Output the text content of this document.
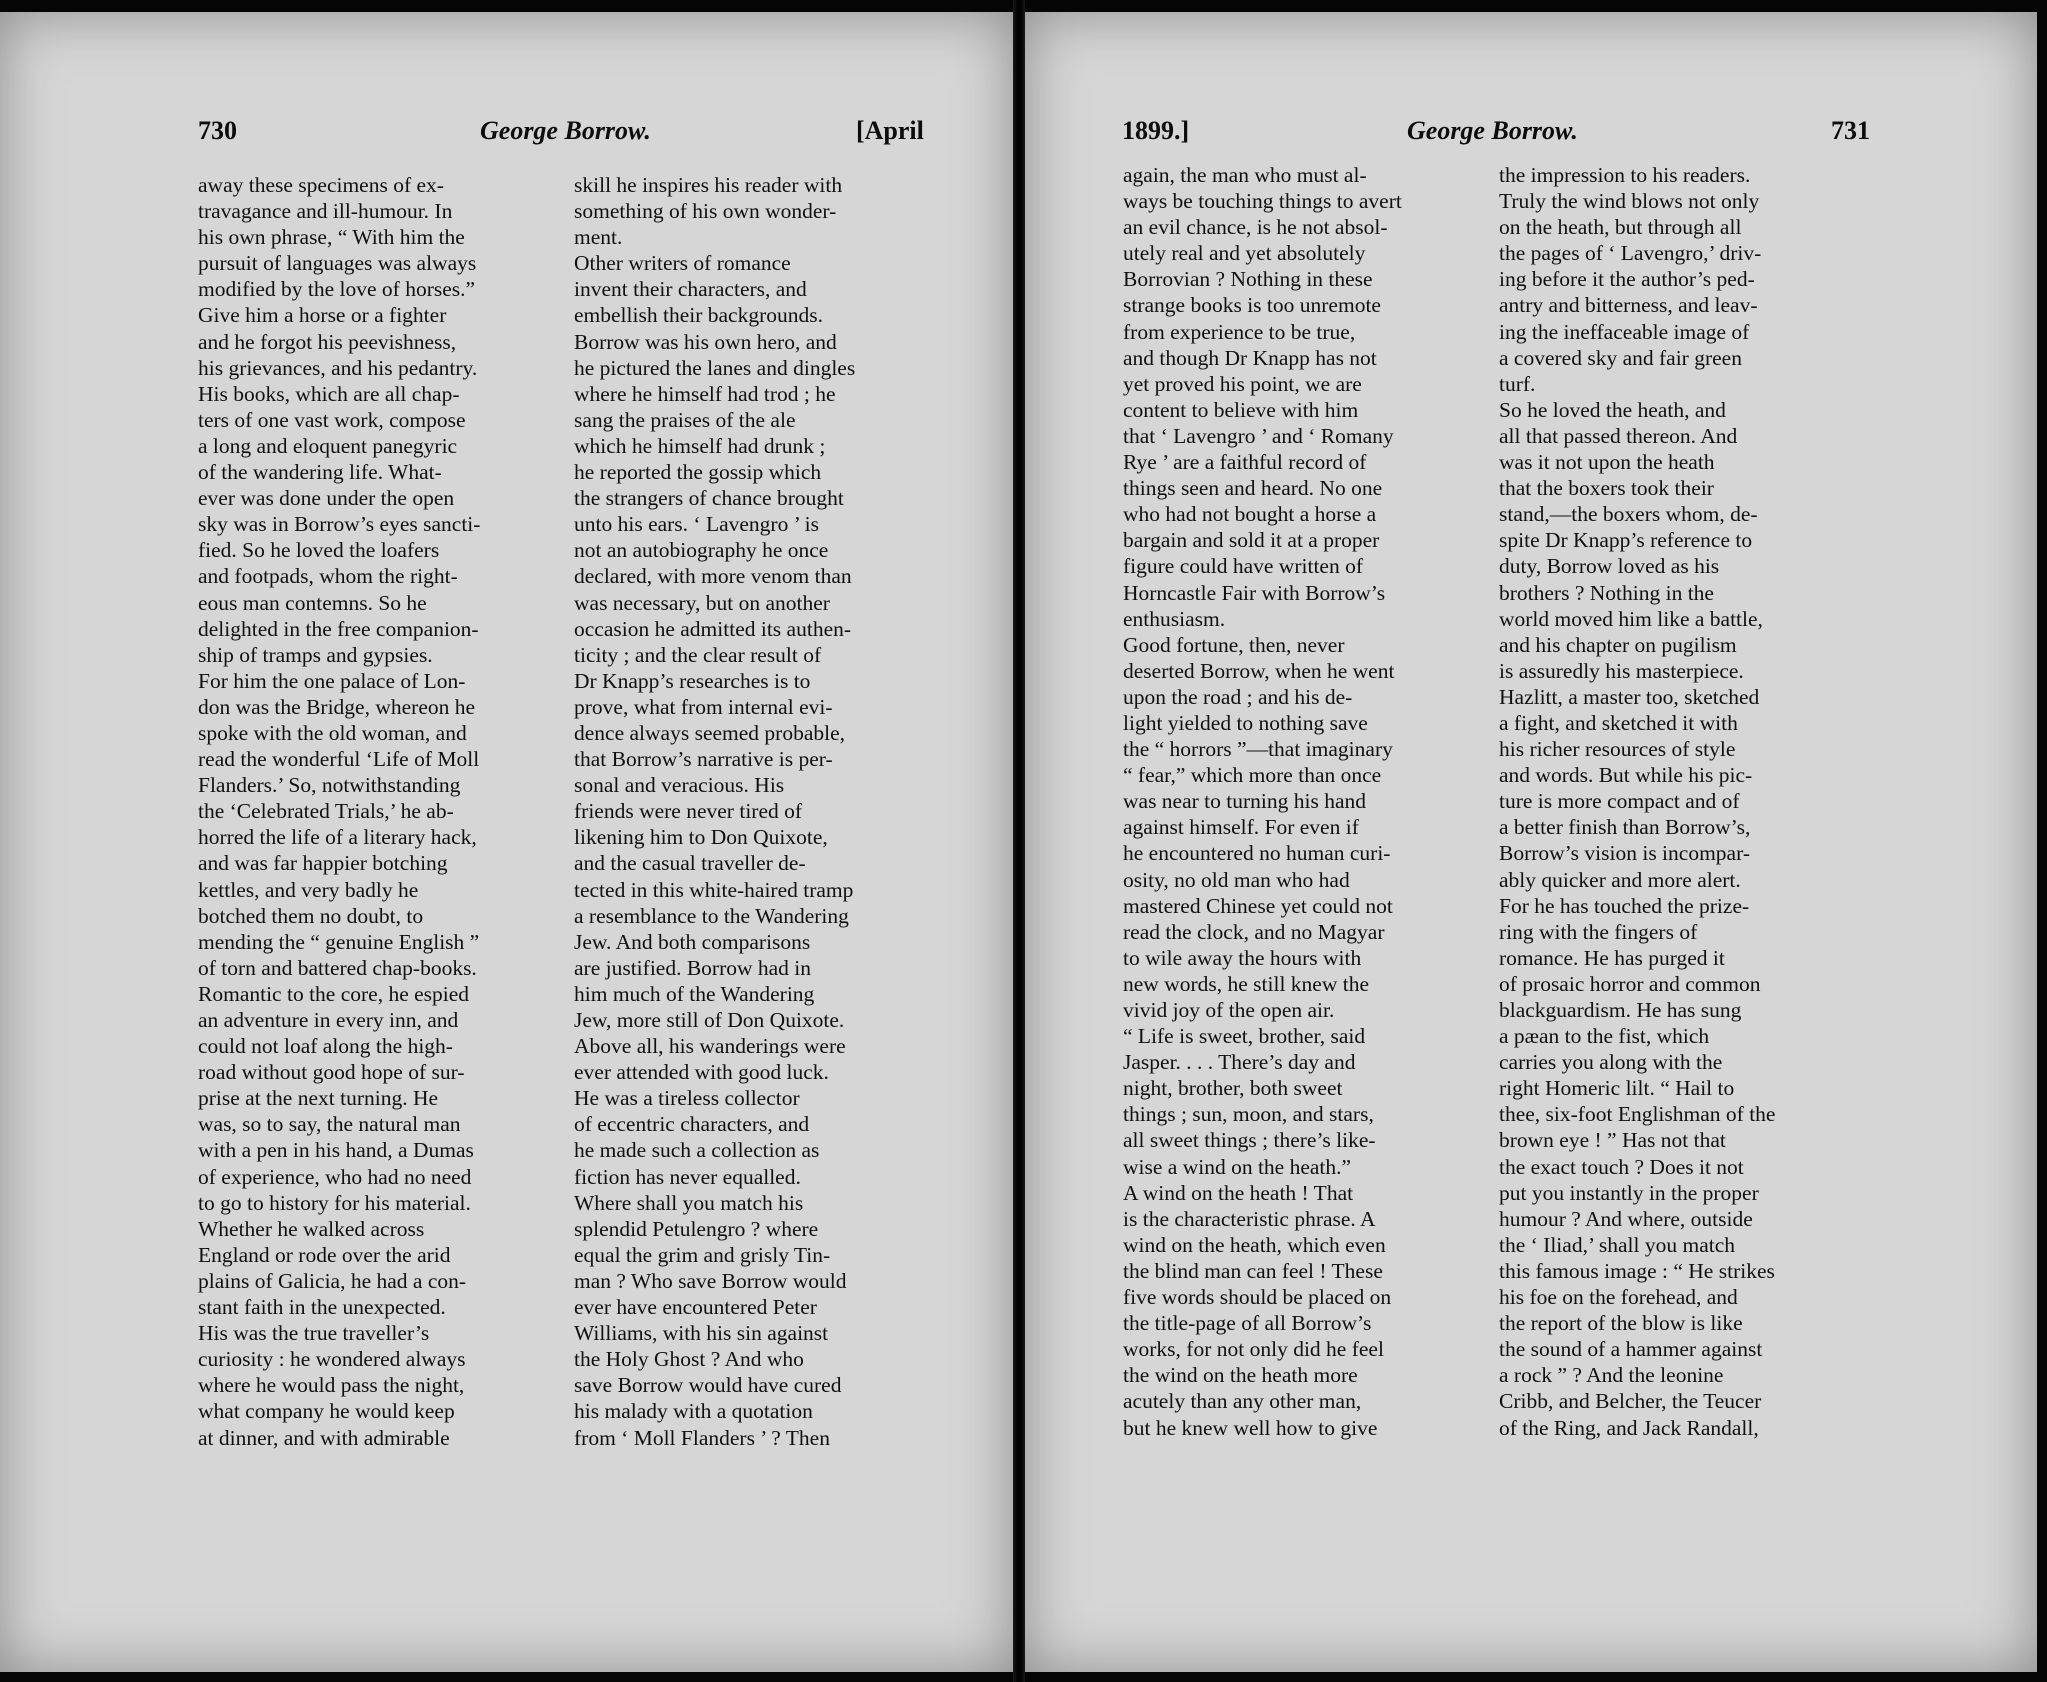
730	George Borrow.	[April

away these specimens of ex-
travagance and ill-humour. In
his own phrase, “ With him the
pursuit of languages was always
modified by the love of horses.”
Give him a horse or a fighter
and he forgot his peevishness,
his grievances, and his pedantry.
His books, which are all chap-
ters of one vast work, compose
a long and eloquent panegyric
of the wandering life. What-
ever was done under the open
sky was in Borrow’s eyes sancti-
fied. So he loved the loafers
and footpads, whom the right-
eous man contemns. So he
delighted in the free companion-
ship of tramps and gypsies.
For him the one palace of Lon-
don was the Bridge, whereon he
spoke with the old woman, and
read the wonderful ‘Life of Moll
Flanders.’ So, notwithstanding
the ‘Celebrated Trials,’ he ab-
horred the life of a literary hack,
and was far happier botching
kettles, and very badly he
botched them no doubt, to
mending the “ genuine English ”
of torn and battered chap-books.
Romantic to the core, he espied
an adventure in every inn, and
could not loaf along the high-
road without good hope of sur-
prise at the next turning. He
was, so to say, the natural man
with a pen in his hand, a Dumas
of experience, who had no need
to go to history for his material.
Whether he walked across
England or rode over the arid
plains of Galicia, he had a con-
stant faith in the unexpected.
His was the true traveller’s
curiosity : he wondered always
where he would pass the night,
what company he would keep
at dinner, and with admirable

skill he inspires his reader with
something of his own wonder-
ment.
Other writers of romance
invent their characters, and
embellish their backgrounds.
Borrow was his own hero, and
he pictured the lanes and dingles
where he himself had trod ; he
sang the praises of the ale
which he himself had drunk ;
he reported the gossip which
the strangers of chance brought
unto his ears. ‘ Lavengro ’ is
not an autobiography he once
declared, with more venom than
was necessary, but on another
occasion he admitted its authen-
ticity ; and the clear result of
Dr Knapp’s researches is to
prove, what from internal evi-
dence always seemed probable,
that Borrow’s narrative is per-
sonal and veracious. His
friends were never tired of
likening him to Don Quixote,
and the casual traveller de-
tected in this white-haired tramp
a resemblance to the Wandering
Jew. And both comparisons
are justified. Borrow had in
him much of the Wandering
Jew, more still of Don Quixote.
Above all, his wanderings were
ever attended with good luck.
He was a tireless collector
of eccentric characters, and
he made such a collection as
fiction has never equalled.
Where shall you match his
splendid Petulengro ? where
equal the grim and grisly Tin-
man ? Who save Borrow would
ever have encountered Peter
Williams, with his sin against
the Holy Ghost ? And who
save Borrow would have cured
his malady with a quotation
from ‘ Moll Flanders ’ ? Then

1899.]	George Borrow.	731

again, the man who must al-
ways be touching things to avert
an evil chance, is he not absol-
utely real and yet absolutely
Borrovian ? Nothing in these
strange books is too unremote
from experience to be true,
and though Dr Knapp has not
yet proved his point, we are
content to believe with him
that ‘ Lavengro ’ and ‘ Romany
Rye ’ are a faithful record of
things seen and heard. No one
who had not bought a horse a
bargain and sold it at a proper
figure could have written of
Horncastle Fair with Borrow’s
enthusiasm.
Good fortune, then, never
deserted Borrow, when he went
upon the road ; and his de-
light yielded to nothing save
the “ horrors ”—that imaginary
“ fear,” which more than once
was near to turning his hand
against himself. For even if
he encountered no human curi-
osity, no old man who had
mastered Chinese yet could not
read the clock, and no Magyar
to wile away the hours with
new words, he still knew the
vivid joy of the open air.
“ Life is sweet, brother, said
Jasper. . . . There’s day and
night, brother, both sweet
things ; sun, moon, and stars,
all sweet things ; there’s like-
wise a wind on the heath.”
A wind on the heath ! That
is the characteristic phrase. A
wind on the heath, which even
the blind man can feel ! These
five words should be placed on
the title-page of all Borrow’s
works, for not only did he feel
the wind on the heath more
acutely than any other man,
but he knew well how to give

the impression to his readers.
Truly the wind blows not only
on the heath, but through all
the pages of ‘ Lavengro,’ driv-
ing before it the author’s ped-
antry and bitterness, and leav-
ing the ineffaceable image of
a covered sky and fair green
turf.
So he loved the heath, and
all that passed thereon. And
was it not upon the heath
that the boxers took their
stand,—the boxers whom, de-
spite Dr Knapp’s reference to
duty, Borrow loved as his
brothers ? Nothing in the
world moved him like a battle,
and his chapter on pugilism
is assuredly his masterpiece.
Hazlitt, a master too, sketched
a fight, and sketched it with
his richer resources of style
and words. But while his pic-
ture is more compact and of
a better finish than Borrow’s,
Borrow’s vision is incompar-
ably quicker and more alert.
For he has touched the prize-
ring with the fingers of
romance. He has purged it
of prosaic horror and common
blackguardism. He has sung
a pæan to the fist, which
carries you along with the
right Homeric lilt. “ Hail to
thee, six-foot Englishman of the
brown eye ! ” Has not that
the exact touch ? Does it not
put you instantly in the proper
humour ? And where, outside
the ‘ Iliad,’ shall you match
this famous image : “ He strikes
his foe on the forehead, and
the report of the blow is like
the sound of a hammer against
a rock ” ? And the leonine
Cribb, and Belcher, the Teucer
of the Ring, and Jack Randall,
